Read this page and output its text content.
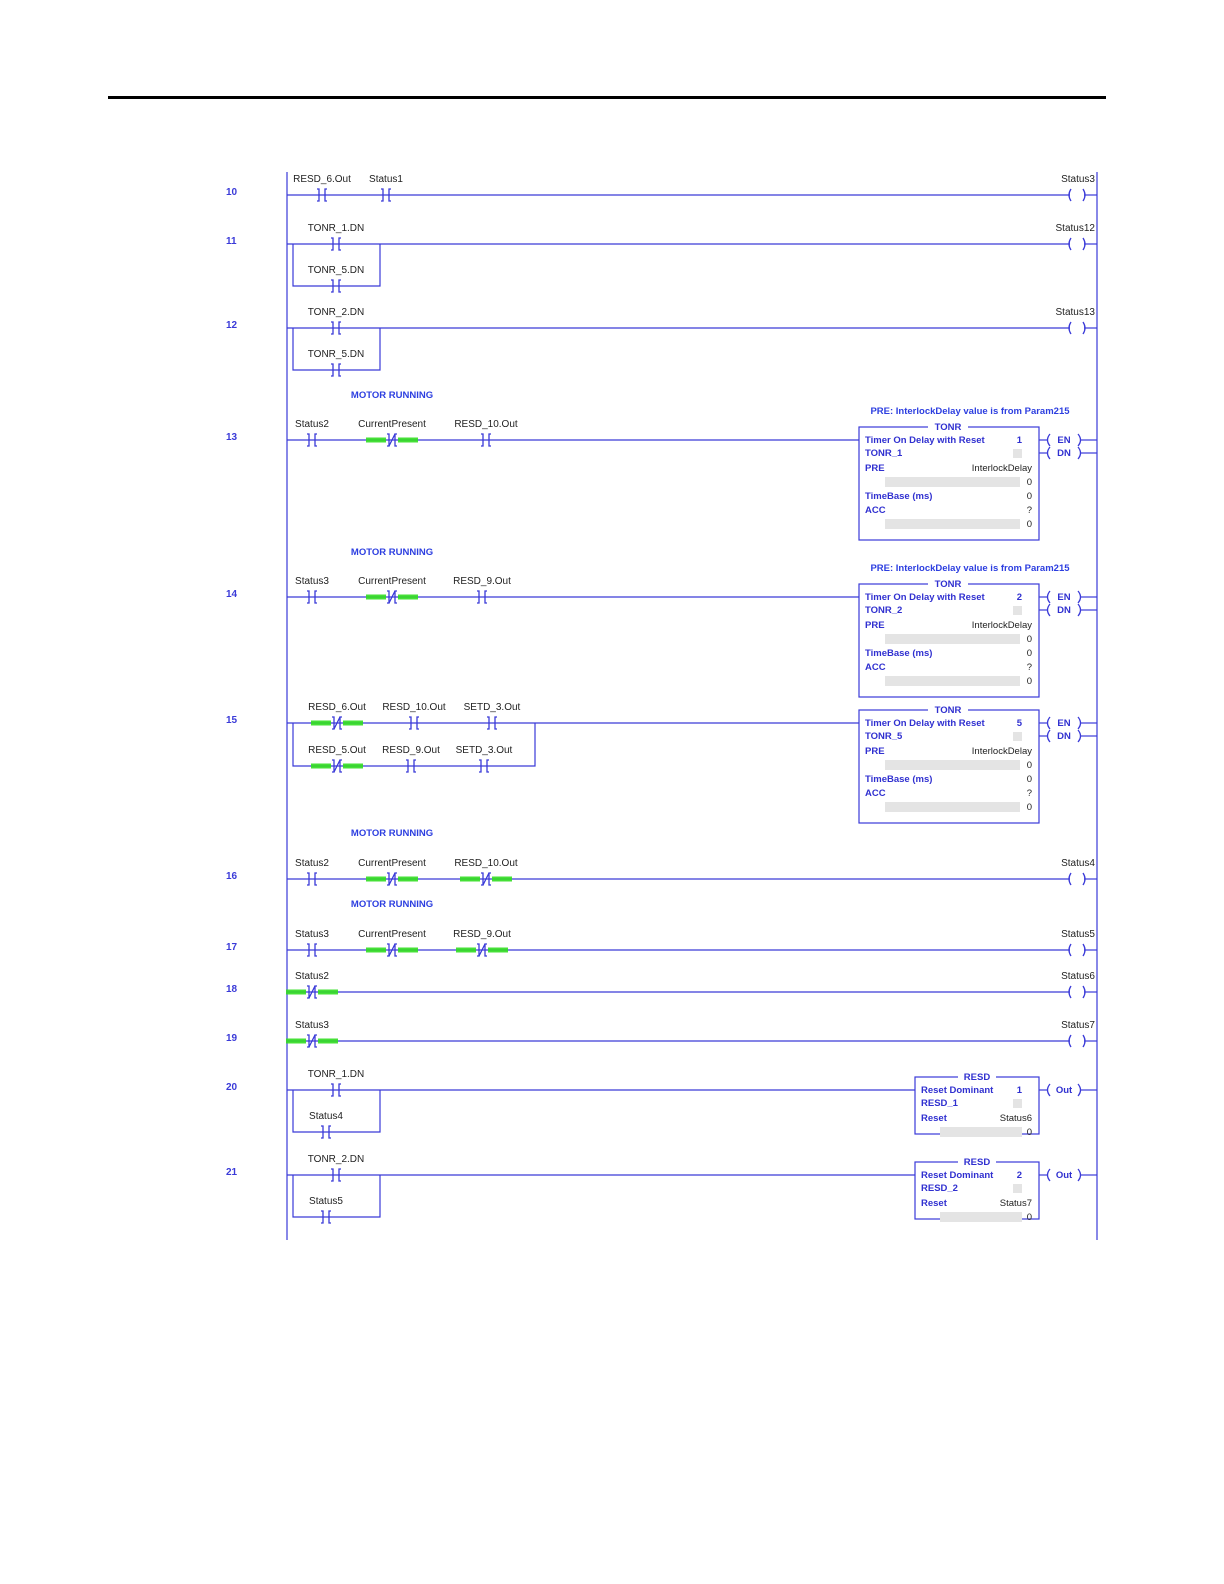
10
RESD_6.Out Status1	Status3
11
TONR_1.DN
TONR_5.DN
Status12
12
TONR_2.DN
TONR_5.DN
Status13
13
MOTOR RUNNING
Status2	CurrentPresent	RESD_10.Out
PRE: InterlockDelay value is from Param215
TONR
Timer On Delay with Reset	1
TONR_1
PRE	InterlockDelay
0
TimeBase (ms)	0
ACC	?
0
EN
DN
14
MOTOR RUNNING
Status3	CurrentPresent	RESD_9.Out
PRE: InterlockDelay value is from Param215
TONR
Timer On Delay with Reset	2
TONR_2
PRE	InterlockDelay
0
TimeBase (ms)	0
ACC	?
0
EN
DN
15
RESD_6.Out RESD_10.Out SETD_3.Out
RESD_5.Out RESD_9.Out SETD_3.Out
TONR
Timer On Delay with Reset	5
TONR_5
PRE	InterlockDelay
0
TimeBase (ms)	0
ACC	?
0
EN
DN
16
MOTOR RUNNING
Status2	CurrentPresent	RESD_10.Out	Status4
17
MOTOR RUNNING
Status3	CurrentPresent	RESD_9.Out	Status5
18
Status2	Status6
19
Status3	Status7
20
TONR_1.DN
Status4
RESD
Reset Dominant 1
RESD_1
Reset	Status6
0
Out
21
TONR_2.DN
Status5
RESD
Reset Dominant 2
RESD_2
Reset	Status7
0
Out
